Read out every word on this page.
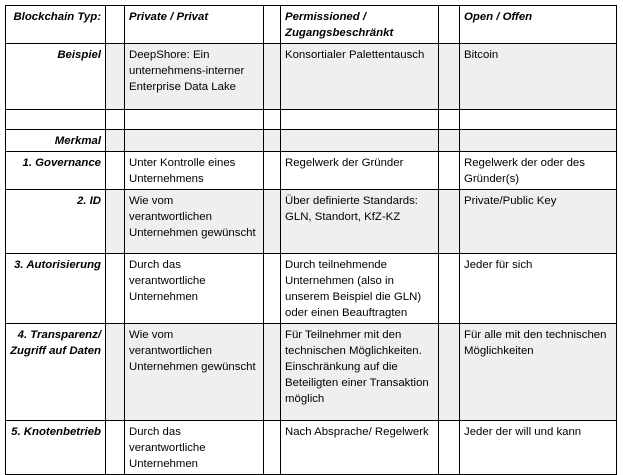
Blockchain Typ:		Private / Privat		Permissioned / Zugangsbeschränkt		Open / Offen
Beispiel		DeepShore: Ein unternehmens-interner Enterprise Data Lake		Konsortialer Palettentausch		Bitcoin

Merkmal						
1. Governance		Unter Kontrolle eines Unternehmens		Regelwerk der Gründer		Regelwerk der oder des Gründer(s)
2. ID		Wie vom verantwortlichen Unternehmen gewünscht		Über definierte Standards: GLN, Standort, KfZ-KZ		Private/Public Key
3. Autorisierung		Durch das verantwortliche Unternehmen		Durch teilnehmende Unternehmen (also in unserem Beispiel die GLN) oder einen Beauftragten		Jeder für sich
4. Transparenz/ Zugriff auf Daten		Wie vom verantwortlichen Unternehmen gewünscht		Für Teilnehmer mit den technischen Möglichkeiten. Einschränkung auf die Beteiligten einer Transaktion möglich		Für alle mit den technischen Möglichkeiten
5. Knotenbetrieb		Durch das verantwortliche Unternehmen		Nach Absprache/ Regelwerk		Jeder der will und kann
